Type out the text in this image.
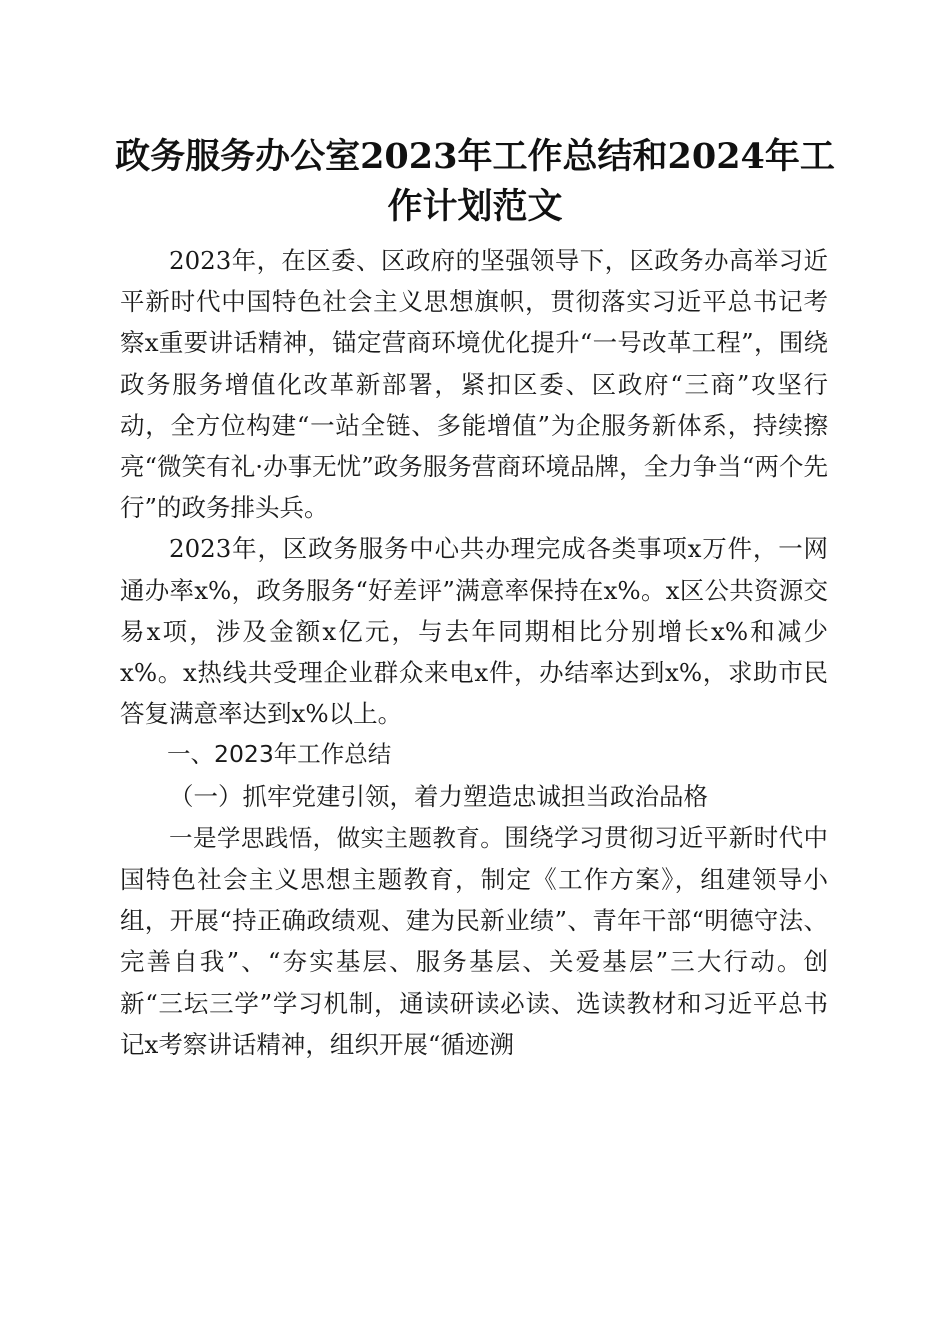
政务服务办公室2023年工作总结和2024年工作计划范文

2023年，在区委、区政府的坚强领导下，区政务办高举习近平新时代中国特色社会主义思想旗帜，贯彻落实习近平总书记考察x重要讲话精神，锚定营商环境优化提升“一号改革工程”，围绕政务服务增值化改革新部署，紧扣区委、区政府“三商”攻坚行动，全方位构建“一站全链、多能增值”为企服务新体系，持续擦亮“微笑有礼·办事无忧”政务服务营商环境品牌，全力争当“两个先行”的政务排头兵。

2023年，区政务服务中心共办理完成各类事项x万件，一网通办率x%，政务服务“好差评”满意率保持在x%。x区公共资源交易x项，涉及金额x亿元，与去年同期相比分别增长x%和减少x%。x热线共受理企业群众来电x件，办结率达到x%，求助市民答复满意率达到x%以上。

一、2023年工作总结

（一）抓牢党建引领，着力塑造忠诚担当政治品格

一是学思践悟，做实主题教育。围绕学习贯彻习近平新时代中国特色社会主义思想主题教育，制定《工作方案》，组建领导小组，开展“持正确政绩观、建为民新业绩”、青年干部“明德守法、完善自我”、“夯实基层、服务基层、关爱基层”三大行动。创新“三坛三学”学习机制，通读研读必读、选读教材和习近平总书记x考察讲话精神，组织开展“循迹溯
